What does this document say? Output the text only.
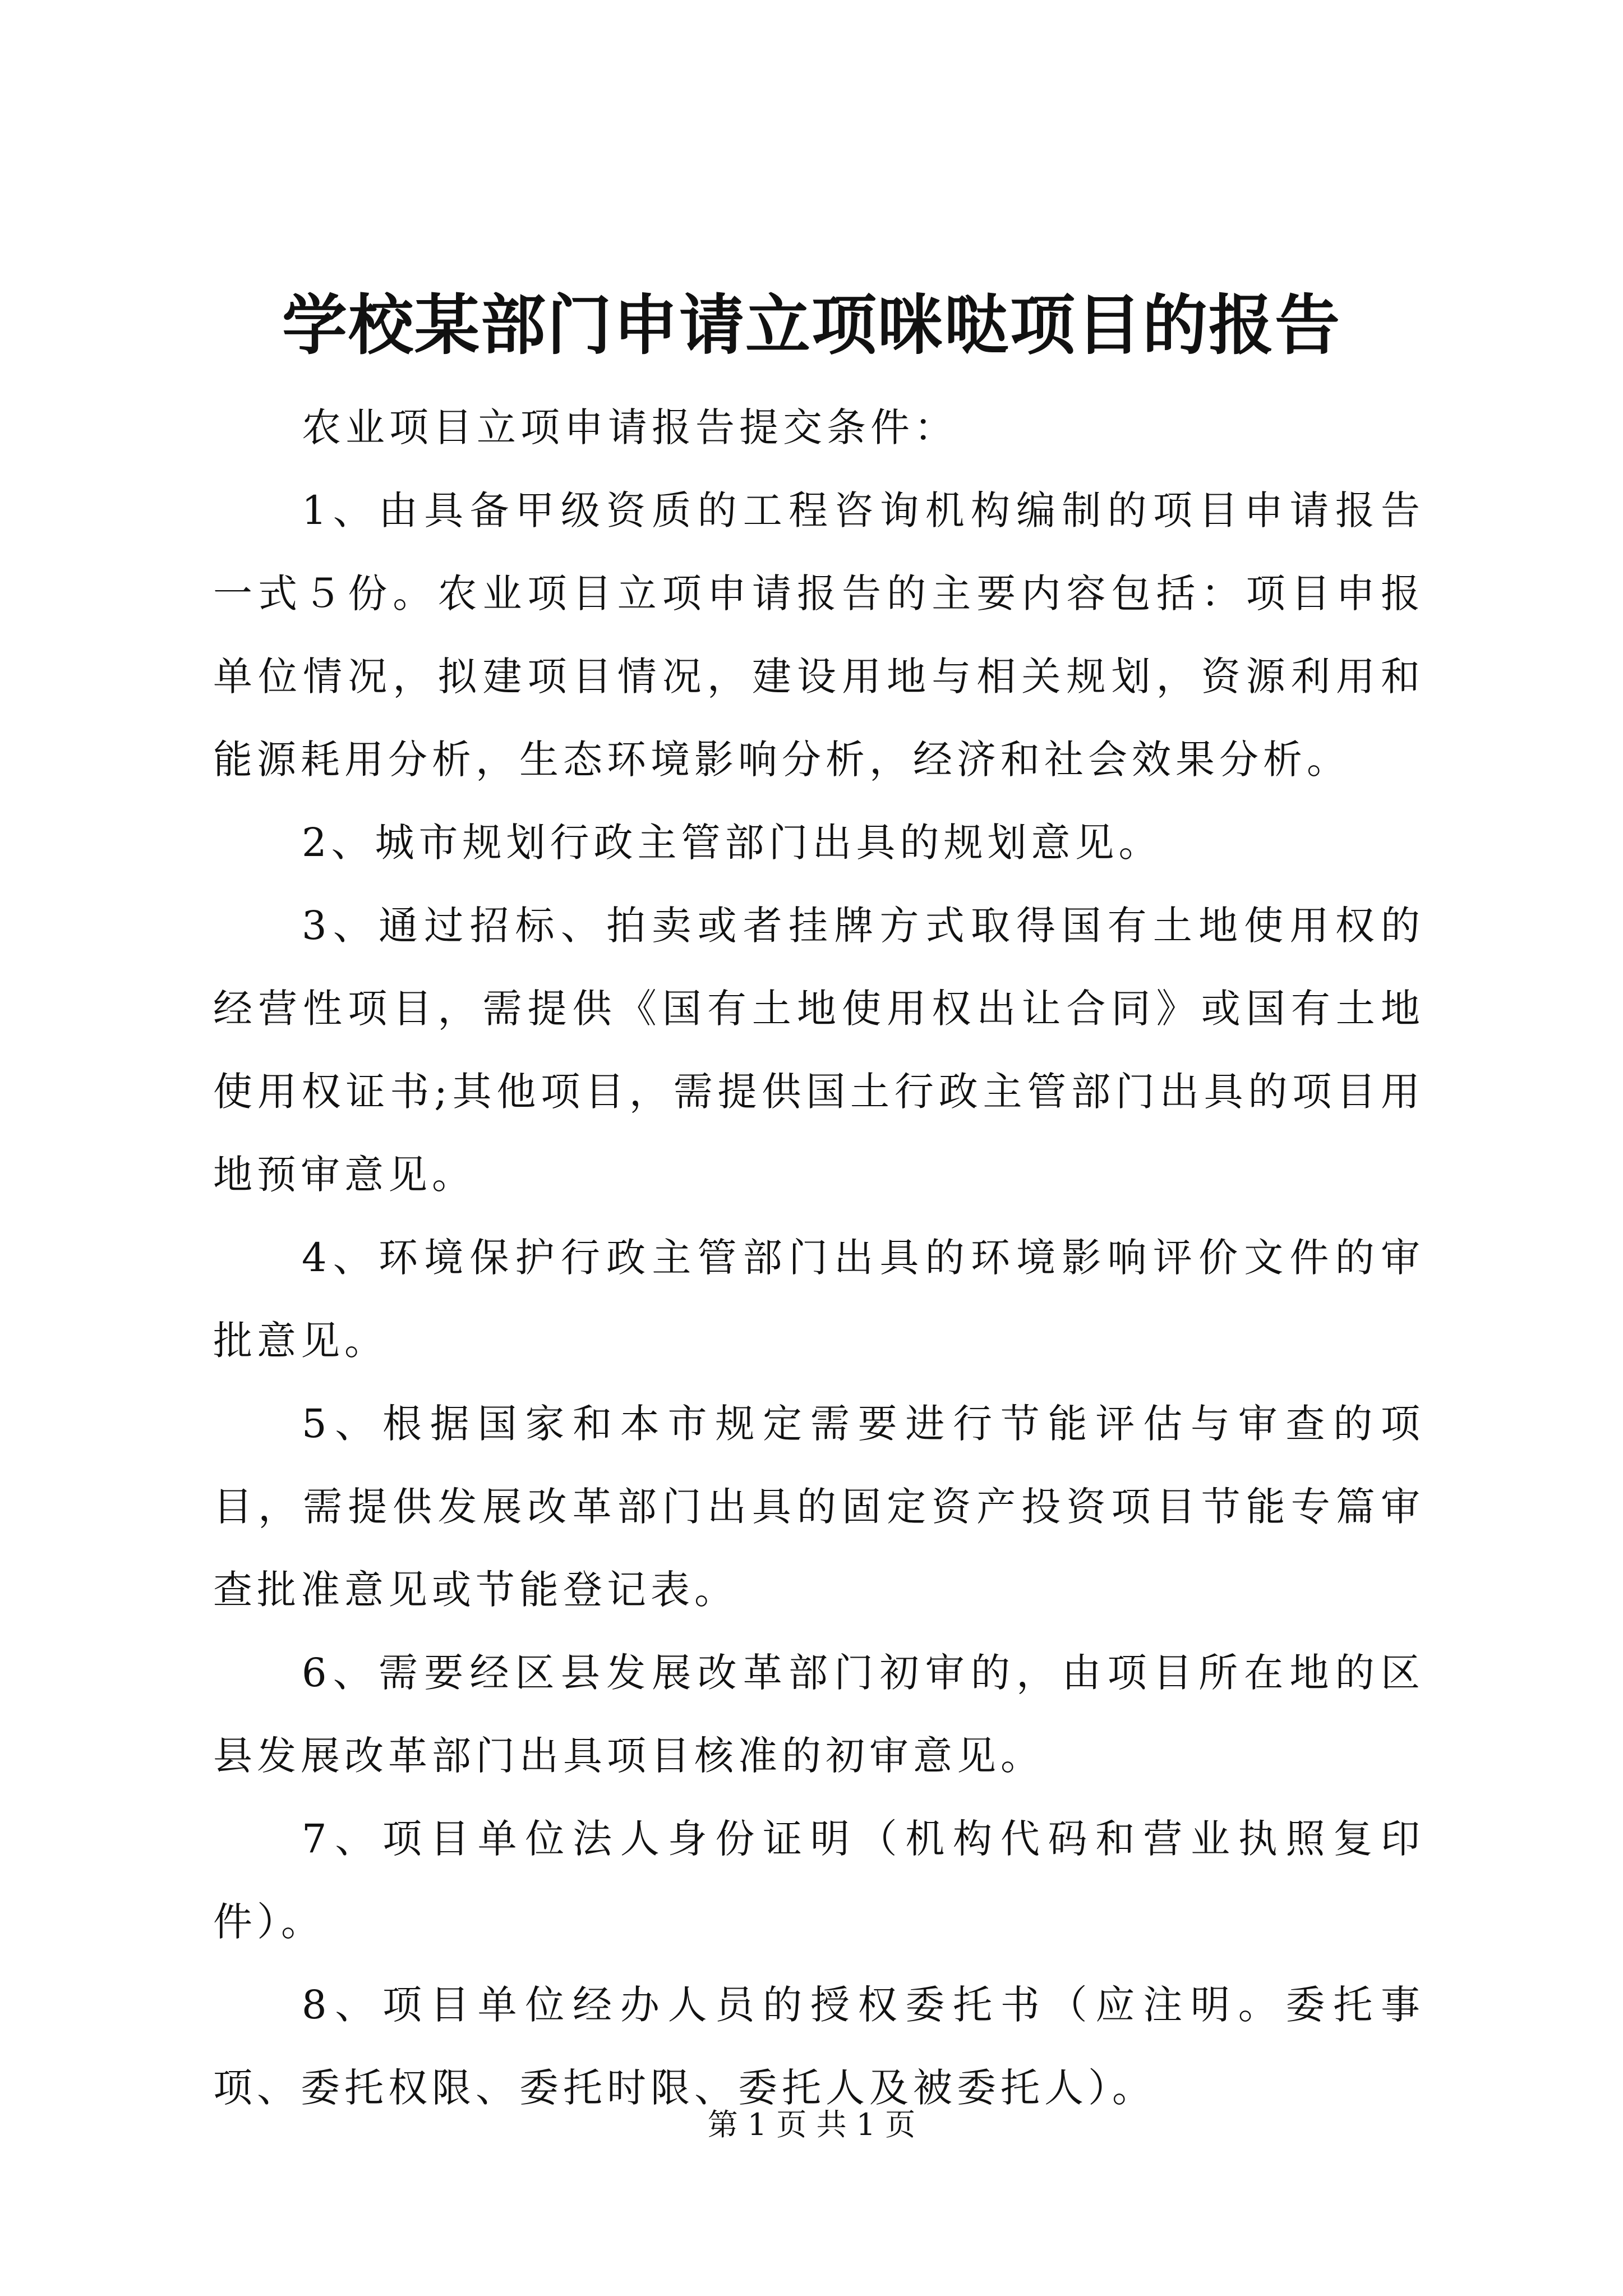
学校某部门申请立项咪哒项目的报告

农业项目立项申请报告提交条件：

1、由具备甲级资质的工程咨询机构编制的项目申请报告一式５份。农业项目立项申请报告的主要内容包括：项目申报单位情况，拟建项目情况，建设用地与相关规划，资源利用和能源耗用分析，生态环境影响分析，经济和社会效果分析。

2、城市规划行政主管部门出具的规划意见。

3、通过招标、拍卖或者挂牌方式取得国有土地使用权的经营性项目，需提供《国有土地使用权出让合同》或国有土地使用权证书;其他项目，需提供国土行政主管部门出具的项目用地预审意见。

4、环境保护行政主管部门出具的环境影响评价文件的审批意见。

5、根据国家和本市规定需要进行节能评估与审查的项目，需提供发展改革部门出具的固定资产投资项目节能专篇审查批准意见或节能登记表。

6、需要经区县发展改革部门初审的，由项目所在地的区县发展改革部门出具项目核准的初审意见。

7、项目单位法人身份证明（机构代码和营业执照复印件）。

8、项目单位经办人员的授权委托书（应注明。委托事项、委托权限、委托时限、委托人及被委托人）。

第 1 页 共 1 页
